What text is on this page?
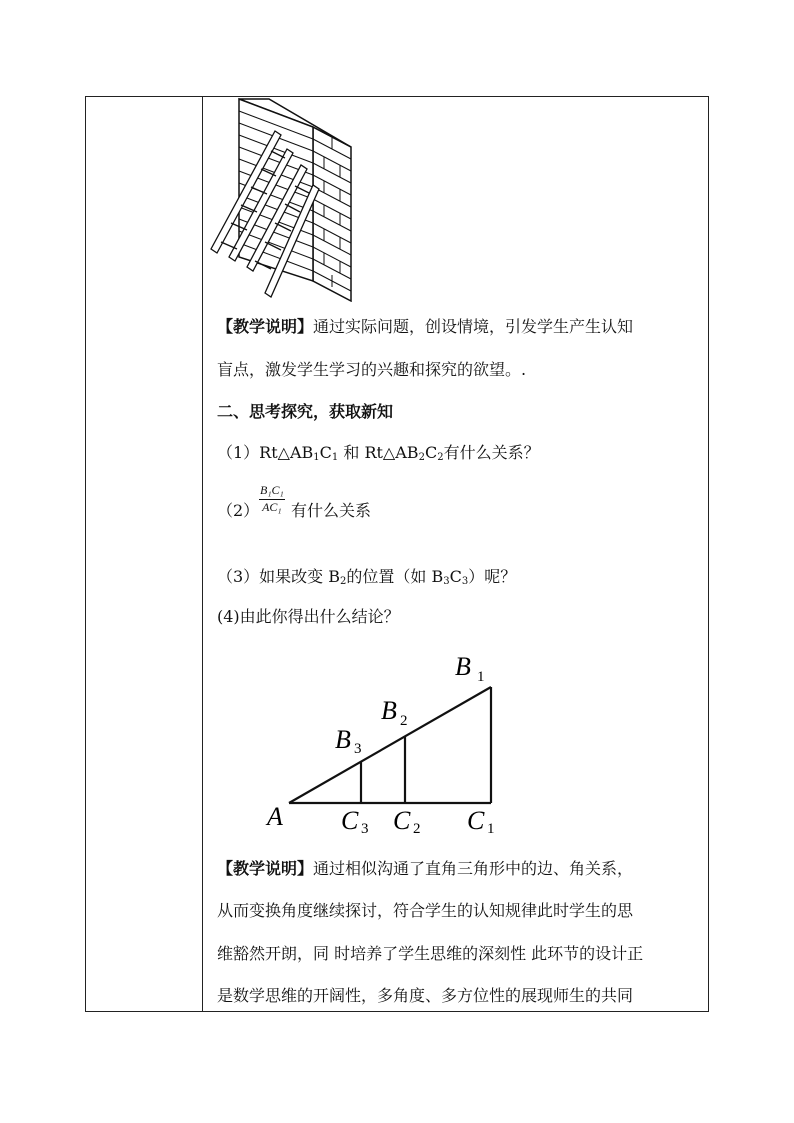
【教学说明】通过实际问题，创设情境，引发学生产生认知
盲点，激发学生学习的兴趣和探究的欲望。.
二、思考探究，获取新知
$(1)Rt\triangle AB_1C_1$ 和 $Rt\triangle AB_2C_2$有什么关系？
$(2) \frac{\text{B₁C₁}}{\text{AC₁}}$ 有什么关系
（3）如果改变 $B_2$的位置（如 $B_3C_3$）呢？
(4)由此你得出什么结论？
A
B 1
B 2
B 3
C 3 C 2 C 1
【教学说明】通过相似沟通了直角三角形中的边、角关系，
从而变换角度继续探讨，符合学生的认知规律此时学生的思
维豁然开朗，同 时培养了学生思维的深刻性 此环节的设计正
是数学思维的开阔性，多角度、多方位性的展现师生的共同
